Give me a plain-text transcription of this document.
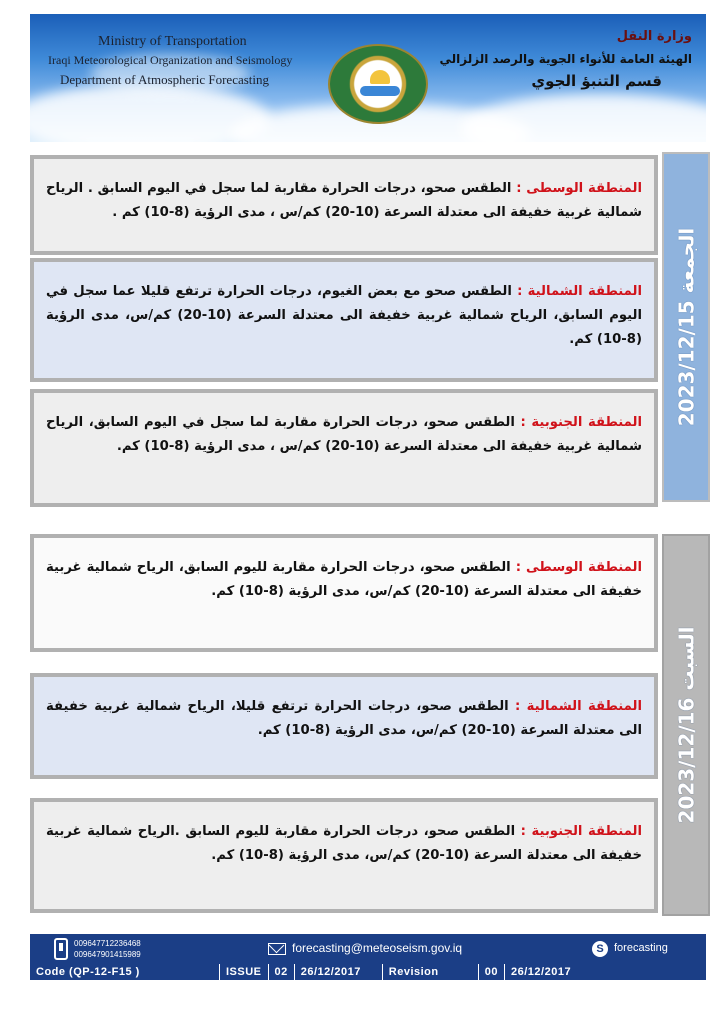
Ministry of Transportation
Iraqi Meteorological Organization and Seismology
Department of Atmospheric Forecasting
وزارة النقل
الهيئة العامة للأنواء الجوية والرصد الزلزالي
قسم التنبؤ الجوي
الجمعة 2023/12/15
المنطقة الوسطى : الطقس صحو، درجات الحرارة مقاربة لما سجل في اليوم السابق . الرياح شمالية غربية خفيفة الى معتدلة السرعة (10-20) كم/س ، مدى الرؤية (8-10) كم .
المنطقة الشمالية : الطقس صحو مع بعض الغيوم، درجات الحرارة ترتفع قليلا عما سجل في اليوم السابق، الرياح شمالية غربية خفيفة الى معتدلة السرعة (10-20) كم/س، مدى الرؤية (8-10) كم.
المنطقة الجنوبية : الطقس صحو، درجات الحرارة مقاربة لما سجل في اليوم السابق، الرياح شمالية غربية خفيفة الى معتدلة السرعة (10-20) كم/س ، مدى الرؤية (8-10) كم.
السبت 2023/12/16
المنطقة الوسطى : الطقس صحو، درجات الحرارة مقاربة لليوم السابق، الرياح شمالية غربية خفيفة الى معتدلة السرعة (10-20) كم/س، مدى الرؤية (8-10) كم.
المنطقة الشمالية : الطقس صحو، درجات الحرارة ترتفع قليلا، الرياح شمالية غربية خفيفة الى معتدلة السرعة (10-20) كم/س، مدى الرؤية (8-10) كم.
المنطقة الجنوبية : الطقس صحو، درجات الحرارة مقاربة لليوم السابق .الرياح شمالية غربية خفيفة الى معتدلة السرعة (10-20) كم/س، مدى الرؤية (8-10) كم.
009647712236468
009647901415989	forecasting@meteoseism.gov.iq	S forecasting
Code (QP-12-F15 )	ISSUE	02	26/12/2017	Revision	00	26/12/2017
